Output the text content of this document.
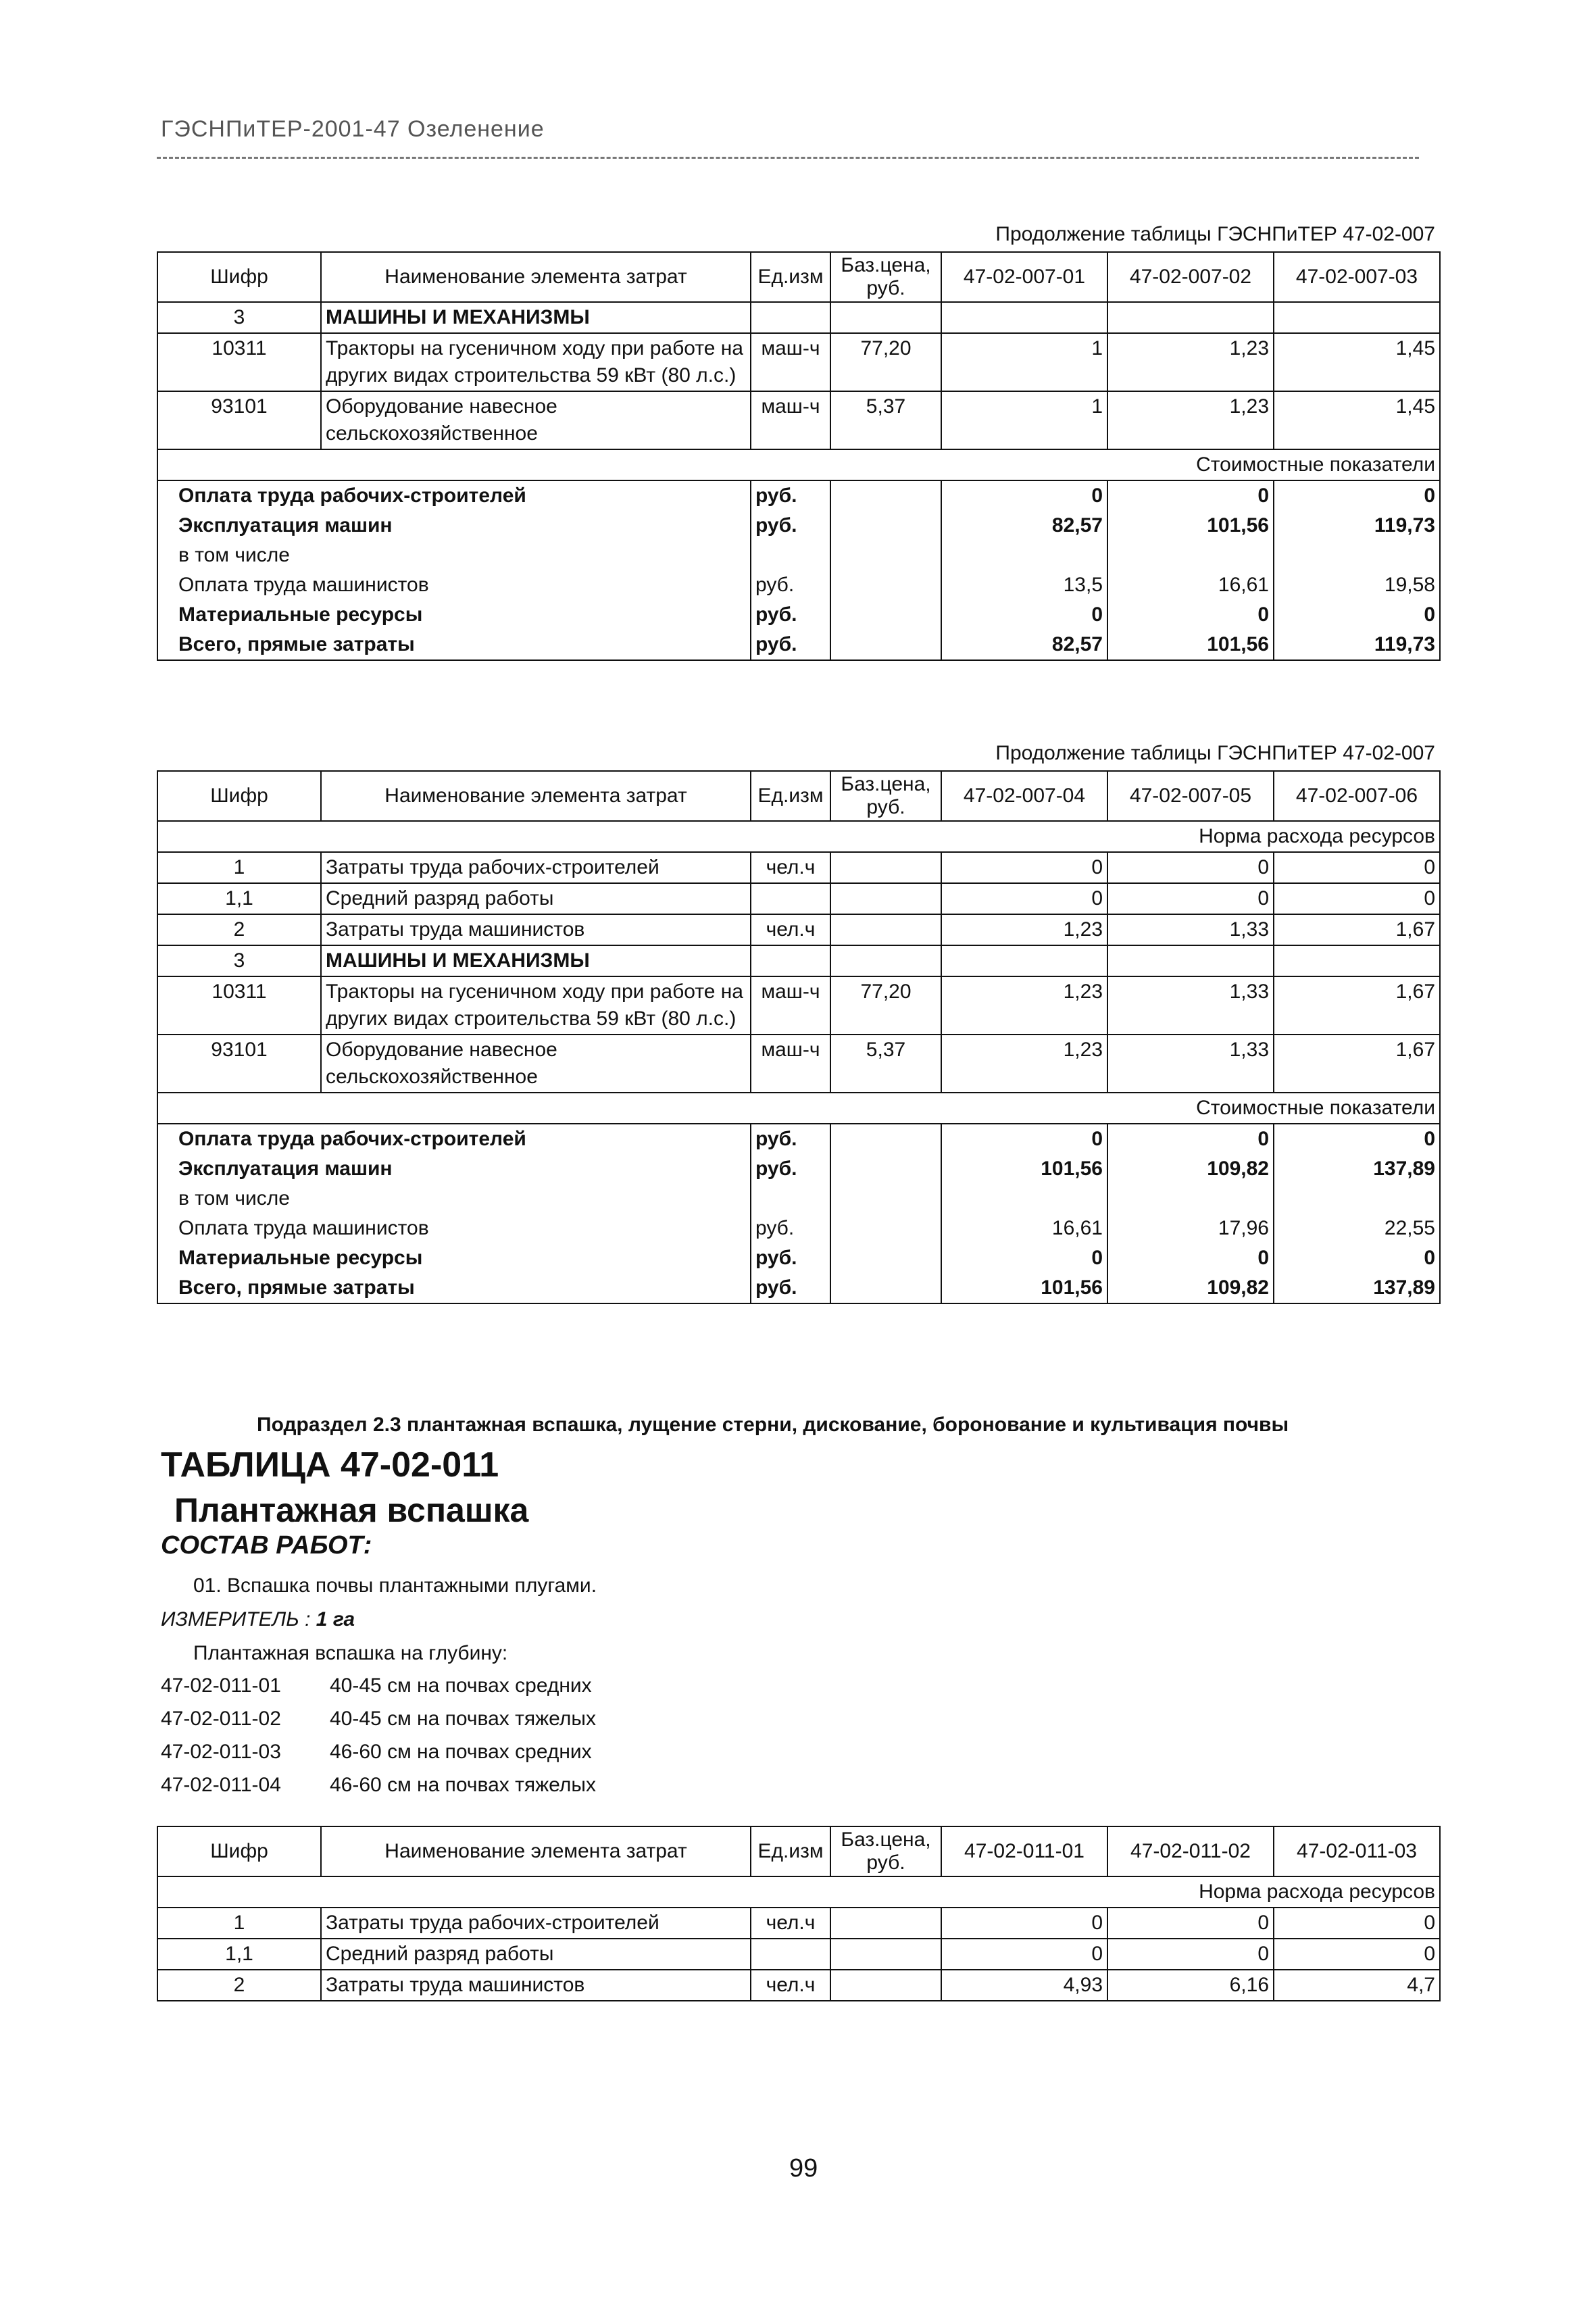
ГЭСНПиТЕР-2001-47 Озеленение
Продолжение таблицы ГЭСНПиТЕР 47-02-007
Шифр	Наименование элемента затрат	Ед.изм	Баз.цена, руб.	47-02-007-01	47-02-007-02	47-02-007-03
3	МАШИНЫ И МЕХАНИЗМЫ					
10311	Тракторы на гусеничном ходу при работе на других видах строительства 59 кВт (80 л.с.)	маш-ч	77,20	1	1,23	1,45
93101	Оборудование навесное сельскохозяйственное	маш-ч	5,37	1	1,23	1,45
Стоимостные показатели						
Оплата труда рабочих-строителей		руб.		0	0	0
Эксплуатация машин		руб.		82,57	101,56	119,73
в том числе						
Оплата труда машинистов		руб.		13,5	16,61	19,58
Материальные ресурсы		руб.		0	0	0
Всего, прямые затраты		руб.		82,57	101,56	119,73
Продолжение таблицы ГЭСНПиТЕР 47-02-007
Шифр	Наименование элемента затрат	Ед.изм	Баз.цена, руб.	47-02-007-04	47-02-007-05	47-02-007-06
Норма расхода ресурсов						
1	Затраты труда рабочих-строителей	чел.ч		0	0	0
1,1	Средний разряд работы			0	0	0
2	Затраты труда машинистов	чел.ч		1,23	1,33	1,67
3	МАШИНЫ И МЕХАНИЗМЫ					
10311	Тракторы на гусеничном ходу при работе на других видах строительства 59 кВт (80 л.с.)	маш-ч	77,20	1,23	1,33	1,67
93101	Оборудование навесное сельскохозяйственное	маш-ч	5,37	1,23	1,33	1,67
Стоимостные показатели						
Оплата труда рабочих-строителей		руб.		0	0	0
Эксплуатация машин		руб.		101,56	109,82	137,89
в том числе						
Оплата труда машинистов		руб.		16,61	17,96	22,55
Материальные ресурсы		руб.		0	0	0
Всего, прямые затраты		руб.		101,56	109,82	137,89
Подраздел 2.3 плантажная вспашка, лущение стерни, дискование, боронование и культивация почвы
ТАБЛИЦА 47-02-011
Плантажная вспашка
СОСТАВ РАБОТ:
01. Вспашка почвы плантажными плугами.
ИЗМЕРИТЕЛЬ : 1 га
Плантажная вспашка на глубину:
47-02-011-01 40-45 см на почвах средних
47-02-011-02 40-45 см на почвах тяжелых
47-02-011-03 46-60 см на почвах средних
47-02-011-04 46-60 см на почвах тяжелых
Шифр	Наименование элемента затрат	Ед.изм	Баз.цена, руб.	47-02-011-01	47-02-011-02	47-02-011-03
Норма расхода ресурсов						
1	Затраты труда рабочих-строителей	чел.ч		0	0	0
1,1	Средний разряд работы			0	0	0
2	Затраты труда машинистов	чел.ч		4,93	6,16	4,7
99
